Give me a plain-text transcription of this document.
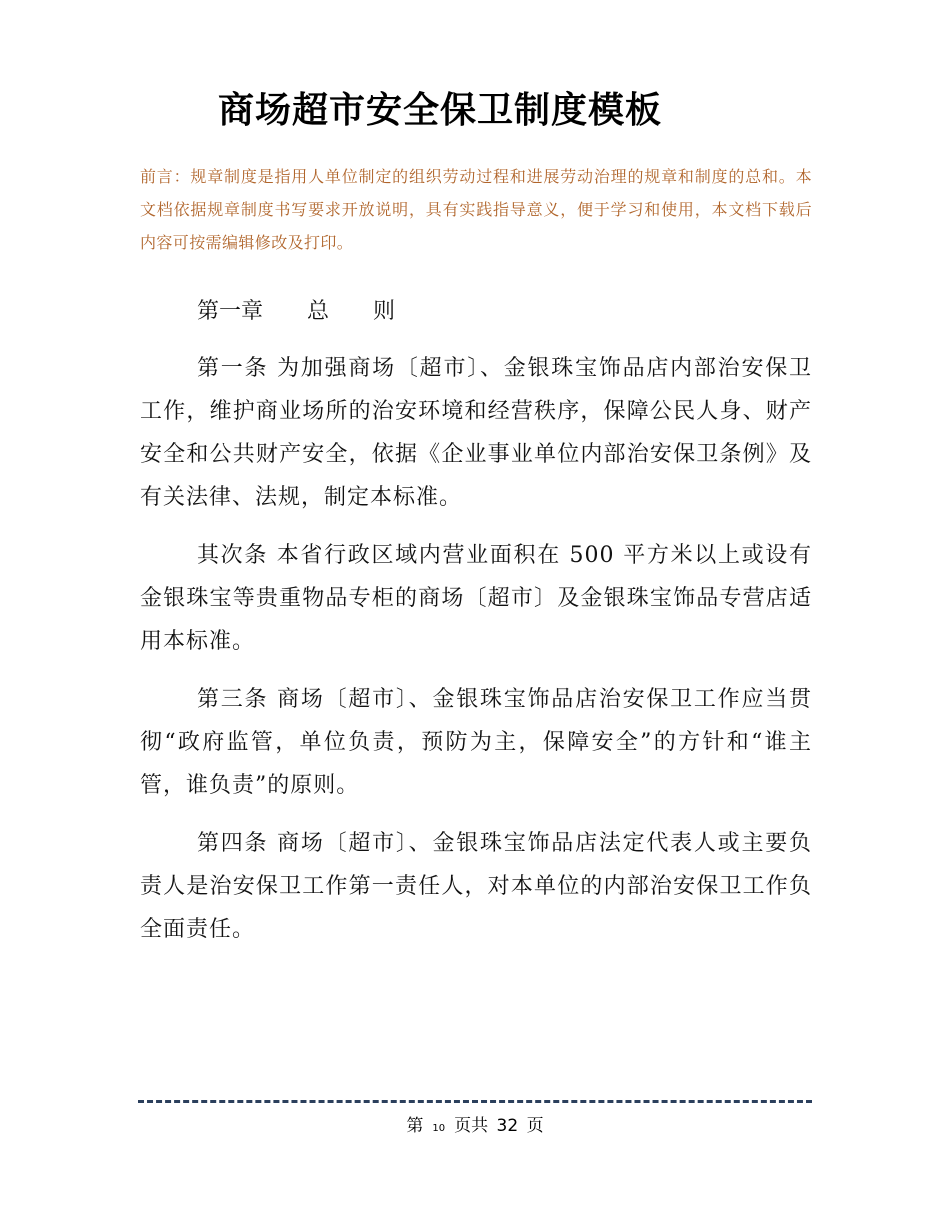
商场超市安全保卫制度模板

前言：规章制度是指用人单位制定的组织劳动过程和进展劳动治理的规章和制度的总和。本文档依据规章制度书写要求开放说明，具有实践指导意义，便于学习和使用，本文档下载后内容可按需编辑修改及打印。

第一章　　总　　则

第一条 为加强商场〔超市〕、金银珠宝饰品店内部治安保卫工作，维护商业场所的治安环境和经营秩序，保障公民人身、财产安全和公共财产安全，依据《企业事业单位内部治安保卫条例》及有关法律、法规，制定本标准。

其次条 本省行政区域内营业面积在 500 平方米以上或设有金银珠宝等贵重物品专柜的商场〔超市〕及金银珠宝饰品专营店适用本标准。

第三条 商场〔超市〕、金银珠宝饰品店治安保卫工作应当贯彻“政府监管，单位负责，预防为主，保障安全”的方针和“谁主管，谁负责”的原则。

第四条 商场〔超市〕、金银珠宝饰品店法定代表人或主要负责人是治安保卫工作第一责任人，对本单位的内部治安保卫工作负全面责任。

第 10 页共 32 页
